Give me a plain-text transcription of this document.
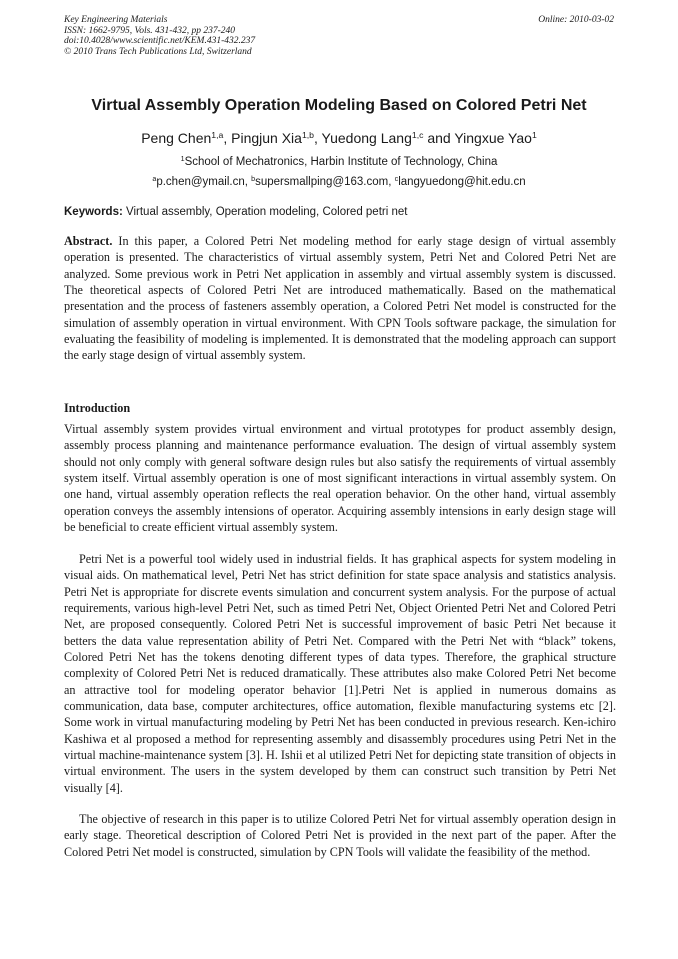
Key Engineering Materials
ISSN: 1662-9795, Vols. 431-432, pp 237-240
doi:10.4028/www.scientific.net/KEM.431-432.237
© 2010 Trans Tech Publications Ltd, Switzerland
Online: 2010-03-02
Virtual Assembly Operation Modeling Based on Colored Petri Net
Peng Chen$^{1,a}$, Pingjun Xia$^{1,b}$, Yuedong Lang$^{1,c}$ and Yingxue Yao$^1$
$^1$School of Mechatronics, Harbin Institute of Technology, China
$^a$p.chen@ymail.cn, $^b$supersmallping@163.com, $^c$langyuedong@hit.edu.cn
Keywords: Virtual assembly, Operation modeling, Colored petri net

Abstract. In this paper, a Colored Petri Net modeling method for early stage design of virtual assembly operation is presented. The characteristics of virtual assembly system, Petri Net and Colored Petri Net are analyzed. Some previous work in Petri Net application in assembly and virtual assembly system is discussed. The theoretical aspects of Colored Petri Net are introduced mathematically. Based on the mathematical presentation and the process of fasteners assembly operation, a Colored Petri Net model is constructed for the simulation of assembly operation in virtual environment. With CPN Tools software package, the simulation for evaluating the feasibility of modeling is implemented. It is demonstrated that the modeling approach can support the early stage design of virtual assembly system.

Introduction

Virtual assembly system provides virtual environment and virtual prototypes for product assembly design, assembly process planning and maintenance performance evaluation. The design of virtual assembly system should not only comply with general software design rules but also satisfy the requirements of virtual assembly system itself. Virtual assembly operation is one of most significant interactions in virtual assembly system. On one hand, virtual assembly operation reflects the real operation behavior. On the other hand, virtual assembly operation conveys the assembly intensions of operator. Acquiring assembly intensions in early design stage will be beneficial to create efficient virtual assembly system.

Petri Net is a powerful tool widely used in industrial fields. It has graphical aspects for system modeling in visual aids. On mathematical level, Petri Net has strict definition for state space analysis and statistics analysis. Petri Net is appropriate for discrete events simulation and concurrent system analysis. For the purpose of actual requirements, various high-level Petri Net, such as timed Petri Net, Object Oriented Petri Net and Colored Petri Net, are proposed consequently. Colored Petri Net is successful improvement of basic Petri Net because it betters the data value representation ability of Petri Net. Compared with the Petri Net with “black” tokens, Colored Petri Net has the tokens denoting different types of data types. Therefore, the graphical structure complexity of Colored Petri Net is reduced dramatically. These attributes also make Colored Petri Net become an attractive tool for modeling operator behavior [1].Petri Net is applied in numerous domains as communication, data base, computer architectures, office automation, flexible manufacturing systems etc [2]. Some work in virtual manufacturing modeling by Petri Net has been conducted in previous research. Ken-ichiro Kashiwa et al proposed a method for representing assembly and disassembly procedures using Petri Net in the virtual machine-maintenance system [3]. H. Ishii et al utilized Petri Net for depicting state transition of objects in virtual environment. The users in the system developed by them can construct such transition by Petri Net visually [4].

The objective of research in this paper is to utilize Colored Petri Net for virtual assembly operation design in early stage. Theoretical description of Colored Petri Net is provided in the next part of the paper. After the Colored Petri Net model is constructed, simulation by CPN Tools will validate the feasibility of the method.
